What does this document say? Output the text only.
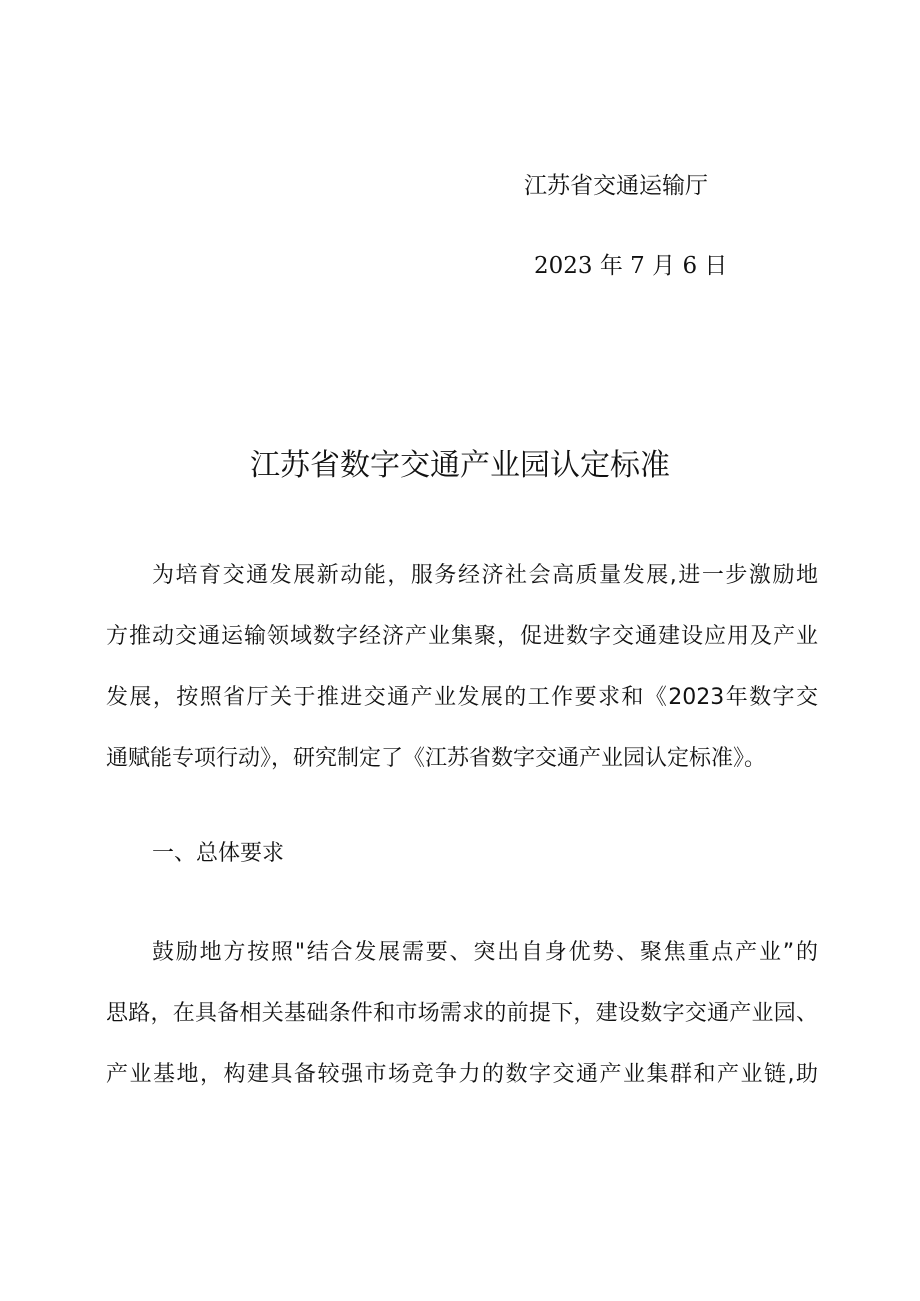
江苏省交通运输厅
2023 年 7 月 6 日
江苏省数字交通产业园认定标准
为培育交通发展新动能，服务经济社会高质量发展,进一步激励地
方推动交通运输领域数字经济产业集聚，促进数字交通建设应用及产业
发展，按照省厅关于推进交通产业发展的工作要求和《2023年数字交
通赋能专项行动》，研究制定了《江苏省数字交通产业园认定标准》。
一、总体要求
鼓励地方按照"结合发展需要、突出自身优势、聚焦重点产业”的
思路，在具备相关基础条件和市场需求的前提下，建设数字交通产业园、
产业基地，构建具备较强市场竞争力的数字交通产业集群和产业链,助
